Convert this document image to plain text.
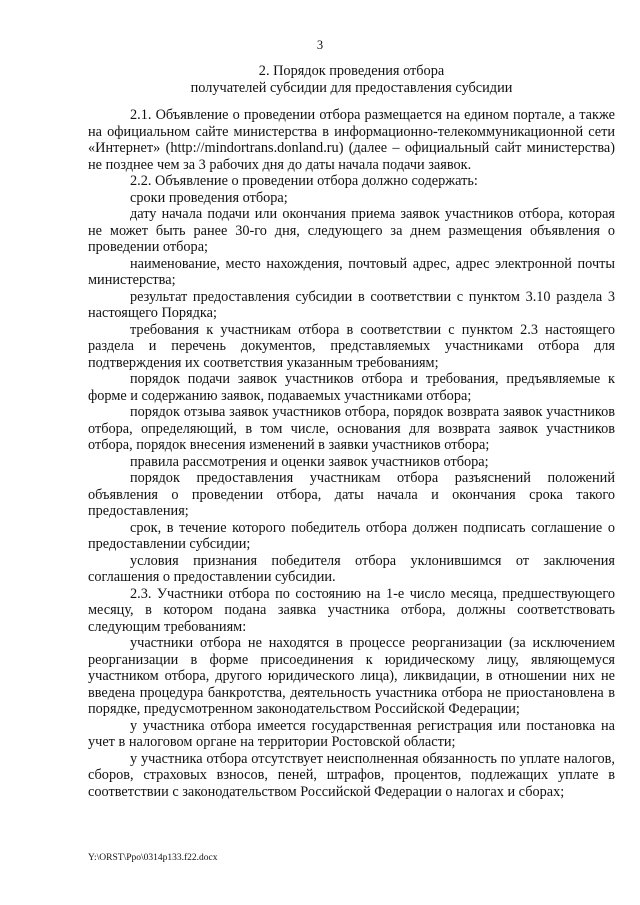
3
2. Порядок проведения отбора
получателей субсидии для предоставления субсидии

2.1. Объявление о проведении отбора размещается на едином портале, а также на официальном сайте министерства в информационно-телекоммуникационной сети «Интернет» (http://mindortrans.donland.ru) (далее – официальный сайт министерства) не позднее чем за 3 рабочих дня до даты начала подачи заявок.

2.2. Объявление о проведении отбора должно содержать:

сроки проведения отбора;

дату начала подачи или окончания приема заявок участников отбора, которая не может быть ранее 30-го дня, следующего за днем размещения объявления о проведении отбора;

наименование, место нахождения, почтовый адрес, адрес электронной почты министерства;

результат предоставления субсидии в соответствии с пунктом 3.10 раздела 3 настоящего Порядка;

требования к участникам отбора в соответствии с пунктом 2.3 настоящего раздела и перечень документов, представляемых участниками отбора для подтверждения их соответствия указанным требованиям;

порядок подачи заявок участников отбора и требования, предъявляемые к форме и содержанию заявок, подаваемых участниками отбора;

порядок отзыва заявок участников отбора, порядок возврата заявок участников отбора, определяющий, в том числе, основания для возврата заявок участников отбора, порядок внесения изменений в заявки участников отбора;

правила рассмотрения и оценки заявок участников отбора;

порядок предоставления участникам отбора разъяснений положений объявления о проведении отбора, даты начала и окончания срока такого предоставления;

срок, в течение которого победитель отбора должен подписать соглашение о предоставлении субсидии;

условия признания победителя отбора уклонившимся от заключения соглашения о предоставлении субсидии.

2.3. Участники отбора по состоянию на 1-е число месяца, предшествующего месяцу, в котором подана заявка участника отбора, должны соответствовать следующим требованиям:

участники отбора не находятся в процессе реорганизации (за исключением реорганизации в форме присоединения к юридическому лицу, являющемуся участником отбора, другого юридического лица), ликвидации, в отношении них не введена процедура банкротства, деятельность участника отбора не приостановлена в порядке, предусмотренном законодательством Российской Федерации;

у участника отбора имеется государственная регистрация или постановка на учет в налоговом органе на территории Ростовской области;

у участника отбора отсутствует неисполненная обязанность по уплате налогов, сборов, страховых взносов, пеней, штрафов, процентов, подлежащих уплате в соответствии с законодательством Российской Федерации о налогах и сборах;

Y:\ORST\Ppo\0314p133.f22.docx
